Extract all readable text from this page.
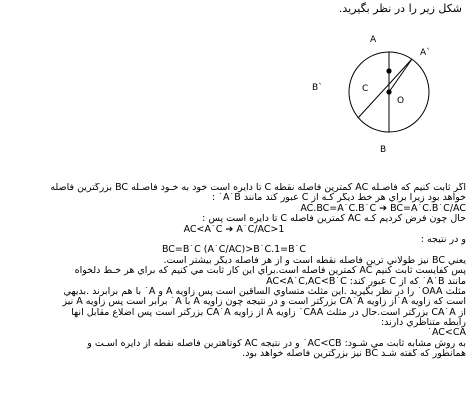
شکل زیر را در نظر بگیرید.
A
A`
B`	C
O
B
اگر ثابت کنیم که فاصـله AC کمترین فاصله نقطه C تا دایره است خود به خـود فاصـله BC بزرگترین فاصله
خواهد بود زیرا براي هر خط دیگر کـه از C عبور کند مانند A`B` :
AC.BC=A`C.B`C ➔ BC=A`C.B`C/AC
حال چون فرض کردیم کـه AC کمترین فاصله C تا دایره است پس :
AC<A`C ➔ A`C/AC>1
و در نتیجه :
BC=B`C (A`C/AC)>B`C.1=B`C
یعني BC نیز طولاني ترین فاصله نقطه است و از هر فاصله دیگر بیشتر است.
پس کفایست ثابت کنیم AC کمترین فاصله است.براي این کار ثابت مي کنیم که براي هر خـط دلخواه
مانند A`B` که از C عبور کند: AC<A`C,AC<B`C
مثلث OAA` را در نظر بگیرید .این مثلث متساوي الساقین است پس زاویه A و A` با هم برابرند .بدیهي
است که زاویه A`از زاویه CA`A بزرگتر است و در نتیجه چون زاویه A با A` برابر است پس زاویه A نیز
از CA`A بزرگتر است.حال در مثلث CAA` زاویه A از زاویه CA`A بزرگتر است پس اضلاع مقابل آنها
رابطه متناظري دارند:
AC<CA`
به روش مشابه ثابت مي شـود: AC<CB` و در نتیجه AC کوتاهترین فاصله نقطه از دایره اسـت و
همانطور که گفته شـد BC نیز بزرگترین فاصله خواهد بود.
